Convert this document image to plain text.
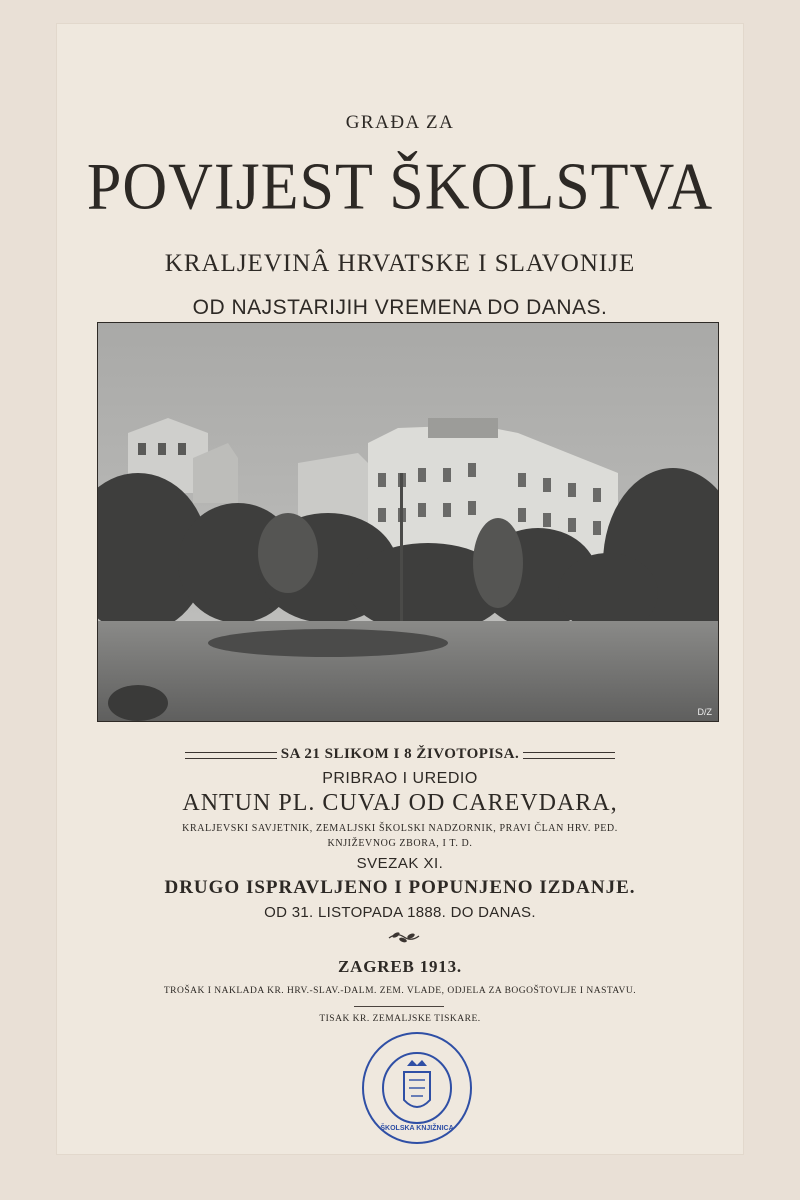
GRAĐA ZA
POVIJEST ŠKOLSTVA
KRALJEVINÂ HRVATSKE I SLAVONIJE
OD NAJSTARIJIH VREMENA DO DANAS.
D/Z
SA 21 SLIKOM I 8 ŽIVOTOPISA.
PRIBRAO I UREDIO
ANTUN PL. CUVAJ OD CAREVDARA,
KRALJEVSKI SAVJETNIK, ZEMALJSKI ŠKOLSKI NADZORNIK, PRAVI ČLAN HRV. PED.
KNJIŽEVNOG ZBORA, I T. D.
SVEZAK XI.
DRUGO ISPRAVLJENO I POPUNJENO IZDANJE.
OD 31. LISTOPADA 1888. DO DANAS.
ZAGREB 1913.
TROŠAK I NAKLADA KR. HRV.-SLAV.-DALM. ZEM. VLADE, ODJELA ZA BOGOŠTOVLJE I NASTAVU.
TISAK KR. ZEMALJSKE TISKARE.
ŠKOLSKA KNJIŽNICA
